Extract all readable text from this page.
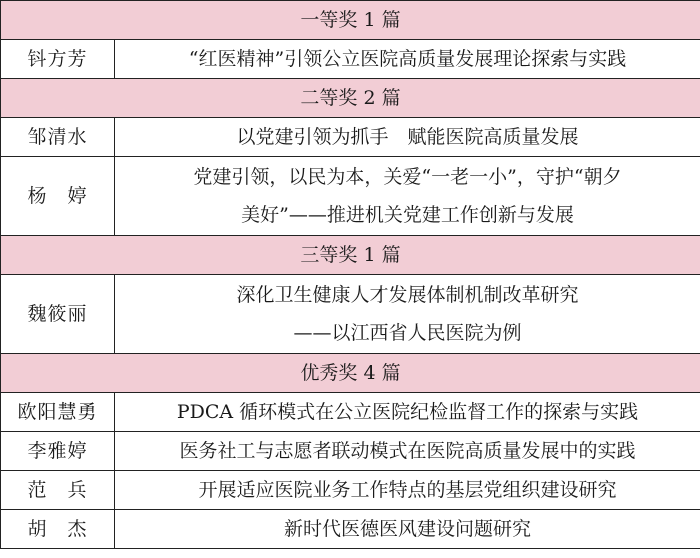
一等奖 1 篇	
钭方芳	“红医精神”引领公立医院高质量发展理论探索与实践

二等奖 2 篇	
邹清水	以党建引领为抓手　赋能医院高质量发展

杨　婷	党建引领，以民为本，关爱“一老一小”，守护“朝夕
美好”——推进机关党建工作创新与发展

三等奖 1 篇	
魏筱丽	深化卫生健康人才发展体制机制改革研究
——以江西省人民医院为例

优秀奖 4 篇	
欧阳慧勇	PDCA 循环模式在公立医院纪检监督工作的探索与实践

李雅婷	医务社工与志愿者联动模式在医院高质量发展中的实践

范　兵	开展适应医院业务工作特点的基层党组织建设研究

胡　杰	新时代医德医风建设问题研究
